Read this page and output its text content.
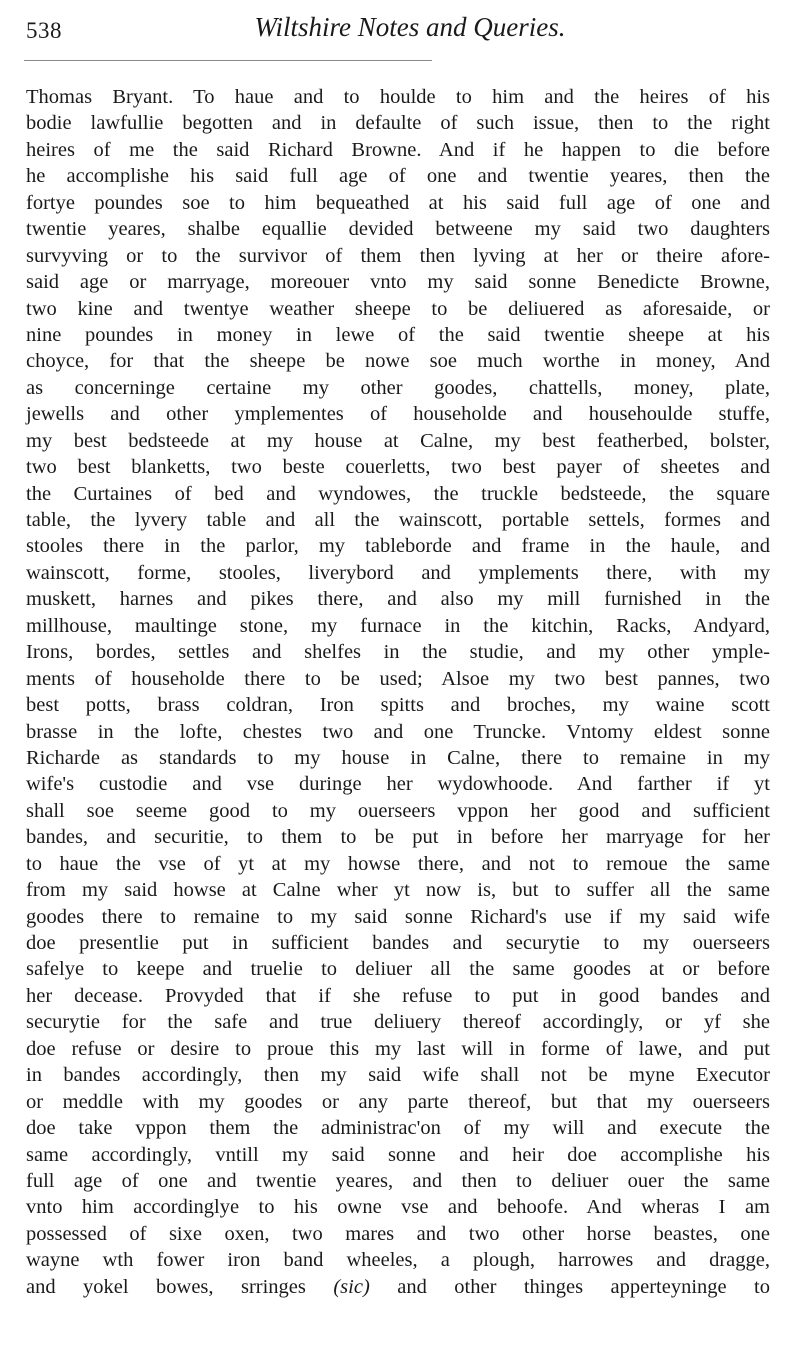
538	Wiltshire Notes and Queries.
Thomas Bryant. To haue and to houlde to him and the heires of his
bodie lawfullie begotten and in defaulte of such issue, then to the right
heires of me the said Richard Browne. And if he happen to die before
he accomplishe his said full age of one and twentie yeares, then the
fortye poundes soe to him bequeathed at his said full age of one and
twentie yeares, shalbe equallie devided betweene my said two daughters
survyving or to the survivor of them then lyving at her or theire afore-
said age or marryage, moreouer vnto my said sonne Benedicte Browne,
two kine and twentye weather sheepe to be deliuered as aforesaide, or
nine poundes in money in lewe of the said twentie sheepe at his
choyce, for that the sheepe be nowe soe much worthe in money, And
as concerninge certaine my other goodes, chattells, money, plate,
jewells and other ymplementes of householde and househoulde stuffe,
my best bedsteede at my house at Calne, my best featherbed, bolster,
two best blanketts, two beste couerletts, two best payer of sheetes and
the Curtaines of bed and wyndowes, the truckle bedsteede, the square
table, the lyvery table and all the wainscott, portable settels, formes and
stooles there in the parlor, my tableborde and frame in the haule, and
wainscott, forme, stooles, liverybord and ymplements there, with my
muskett, harnes and pikes there, and also my mill furnished in the
millhouse, maultinge stone, my furnace in the kitchin, Racks, Andyard,
Irons, bordes, settles and shelfes in the studie, and my other ymple-
ments of householde there to be used; Alsoe my two best pannes, two
best potts, brass coldran, Iron spitts and broches, my waine scott
brasse in the lofte, chestes two and one Truncke. Vntomy eldest sonne
Richarde as standards to my house in Calne, there to remaine in my
wife's custodie and vse duringe her wydowhoode. And farther if yt
shall soe seeme good to my ouerseers vppon her good and sufficient
bandes, and securitie, to them to be put in before her marryage for her
to haue the vse of yt at my howse there, and not to remoue the same
from my said howse at Calne wher yt now is, but to suffer all the same
goodes there to remaine to my said sonne Richard's use if my said wife
doe presentlie put in sufficient bandes and securytie to my ouerseers
safelye to keepe and truelie to deliuer all the same goodes at or before
her decease. Provyded that if she refuse to put in good bandes and
securytie for the safe and true deliuery thereof accordingly, or yf she
doe refuse or desire to proue this my last will in forme of lawe, and put
in bandes accordingly, then my said wife shall not be myne Executor
or meddle with my goodes or any parte thereof, but that my ouerseers
doe take vppon them the administrac'on of my will and execute the
same accordingly, vntill my said sonne and heir doe accomplishe his
full age of one and twentie yeares, and then to deliuer ouer the same
vnto him accordinglye to his owne vse and behoofe. And wheras I am
possessed of sixe oxen, two mares and two other horse beastes, one
wayne wth fower iron band wheeles, a plough, harrowes and dragge,
and yokel bowes, srringes (sic) and other thinges apperteyninge to
